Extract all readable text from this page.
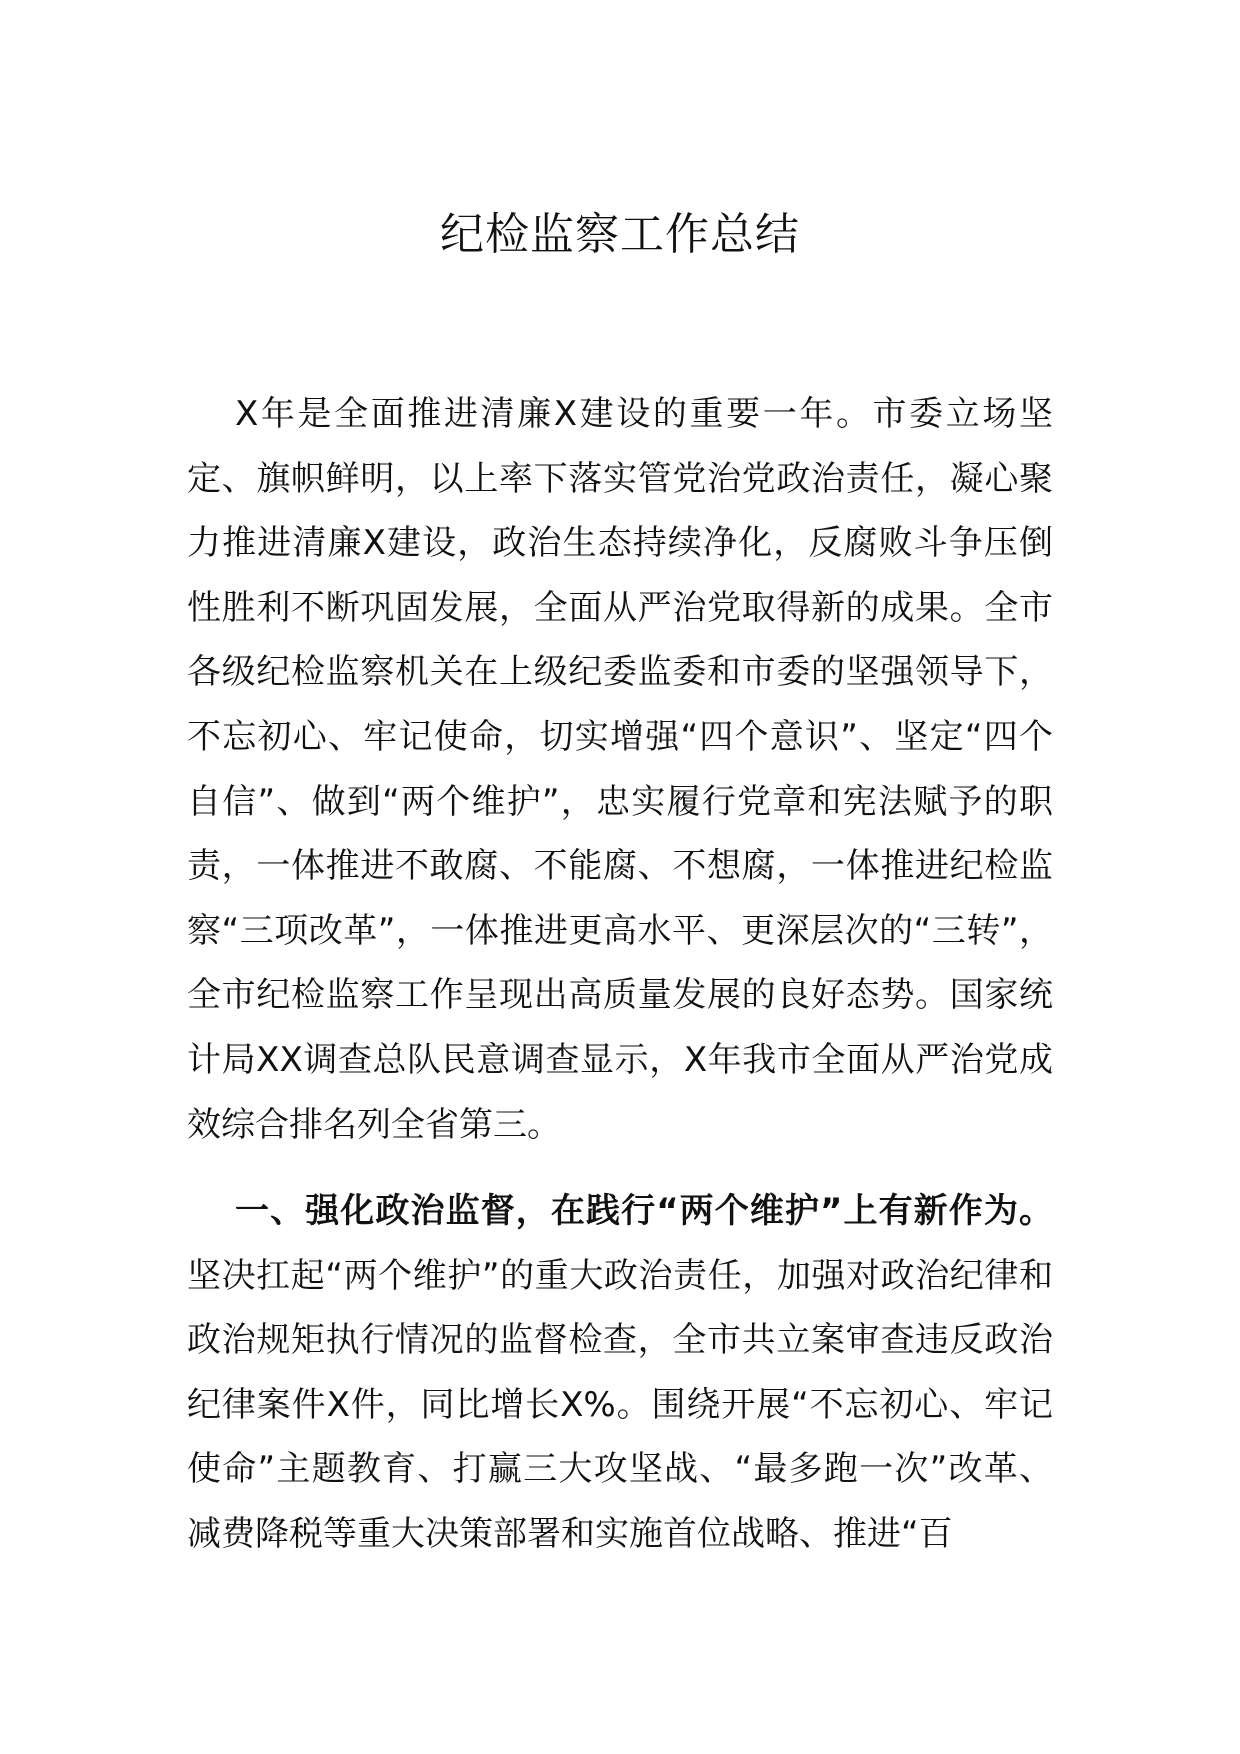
纪检监察工作总结

X年是全面推进清廉X建设的重要一年。市委立场坚定、旗帜鲜明，以上率下落实管党治党政治责任，凝心聚力推进清廉X建设，政治生态持续净化，反腐败斗争压倒性胜利不断巩固发展，全面从严治党取得新的成果。全市各级纪检监察机关在上级纪委监委和市委的坚强领导下，不忘初心、牢记使命，切实增强“四个意识”、坚定“四个自信”、做到“两个维护”，忠实履行党章和宪法赋予的职责，一体推进不敢腐、不能腐、不想腐，一体推进纪检监察“三项改革”，一体推进更高水平、更深层次的“三转”，全市纪检监察工作呈现出高质量发展的良好态势。国家统计局XX调查总队民意调查显示，X年我市全面从严治党成效综合排名列全省第三。

一、强化政治监督，在践行“两个维护”上有新作为。坚决扛起“两个维护”的重大政治责任，加强对政治纪律和政治规矩执行情况的监督检查，全市共立案审查违反政治纪律案件X件，同比增长X%。围绕开展“不忘初心、牢记使命”主题教育、打赢三大攻坚战、“最多跑一次”改革、减费降税等重大决策部署和实施首位战略、推进“百
